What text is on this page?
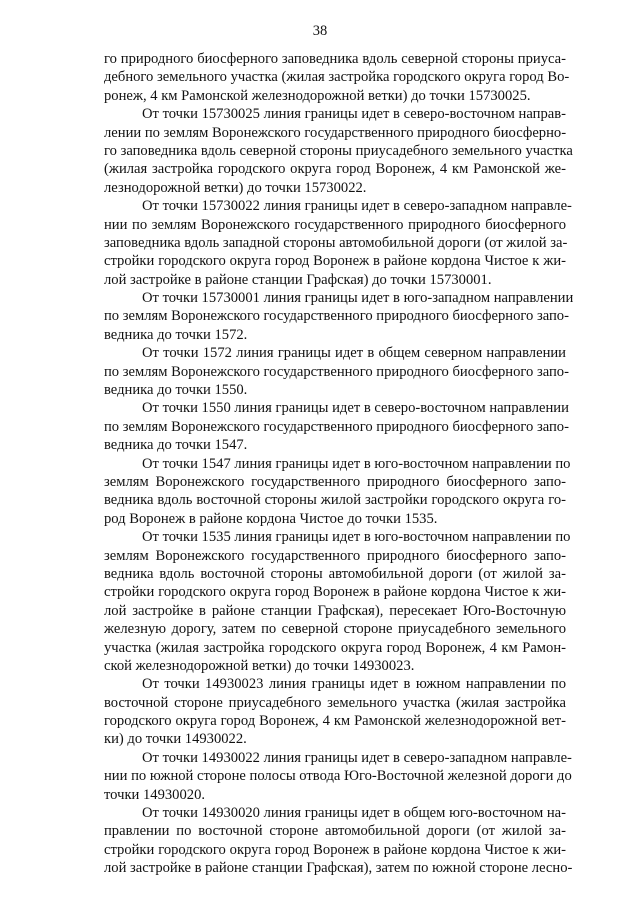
38
го природного биосферного заповедника вдоль северной стороны приуса-
дебного земельного участка (жилая застройка городского округа город Во-
ронеж, 4 км Рамонской железнодорожной ветки) до точки 15730025.
От точки 15730025 линия границы идет в северо-восточном направ-
лении по землям Воронежского государственного природного биосферно-
го заповедника вдоль северной стороны приусадебного земельного участка
(жилая застройка городского округа город Воронеж, 4 км Рамонской же-
лезнодорожной ветки) до точки 15730022.
От точки 15730022 линия границы идет в северо-западном направле-
нии по землям Воронежского государственного природного биосферного
заповедника вдоль западной стороны автомобильной дороги (от жилой за-
стройки городского округа город Воронеж в районе кордона Чистое к жи-
лой застройке в районе станции Графская) до точки 15730001.
От точки 15730001 линия границы идет в юго-западном направлении
по землям Воронежского государственного природного биосферного запо-
ведника до точки 1572.
От точки 1572 линия границы идет в общем северном направлении
по землям Воронежского государственного природного биосферного запо-
ведника до точки 1550.
От точки 1550 линия границы идет в северо-восточном направлении
по землям Воронежского государственного природного биосферного запо-
ведника до точки 1547.
От точки 1547 линия границы идет в юго-восточном направлении по
землям Воронежского государственного природного биосферного запо-
ведника вдоль восточной стороны жилой застройки городского округа го-
род Воронеж в районе кордона Чистое до точки 1535.
От точки 1535 линия границы идет в юго-восточном направлении по
землям Воронежского государственного природного биосферного запо-
ведника вдоль восточной стороны автомобильной дороги (от жилой за-
стройки городского округа город Воронеж в районе кордона Чистое к жи-
лой застройке в районе станции Графская), пересекает Юго-Восточную
железную дорогу, затем по северной стороне приусадебного земельного
участка (жилая застройка городского округа город Воронеж, 4 км Рамон-
ской железнодорожной ветки) до точки 14930023.
От точки 14930023 линия границы идет в южном направлении по
восточной стороне приусадебного земельного участка (жилая застройка
городского округа город Воронеж, 4 км Рамонской железнодорожной вет-
ки) до точки 14930022.
От точки 14930022 линия границы идет в северо-западном направле-
нии по южной стороне полосы отвода Юго-Восточной железной дороги до
точки 14930020.
От точки 14930020 линия границы идет в общем юго-восточном на-
правлении по восточной стороне автомобильной дороги (от жилой за-
стройки городского округа город Воронеж в районе кордона Чистое к жи-
лой застройке в районе станции Графская), затем по южной стороне лесно-
